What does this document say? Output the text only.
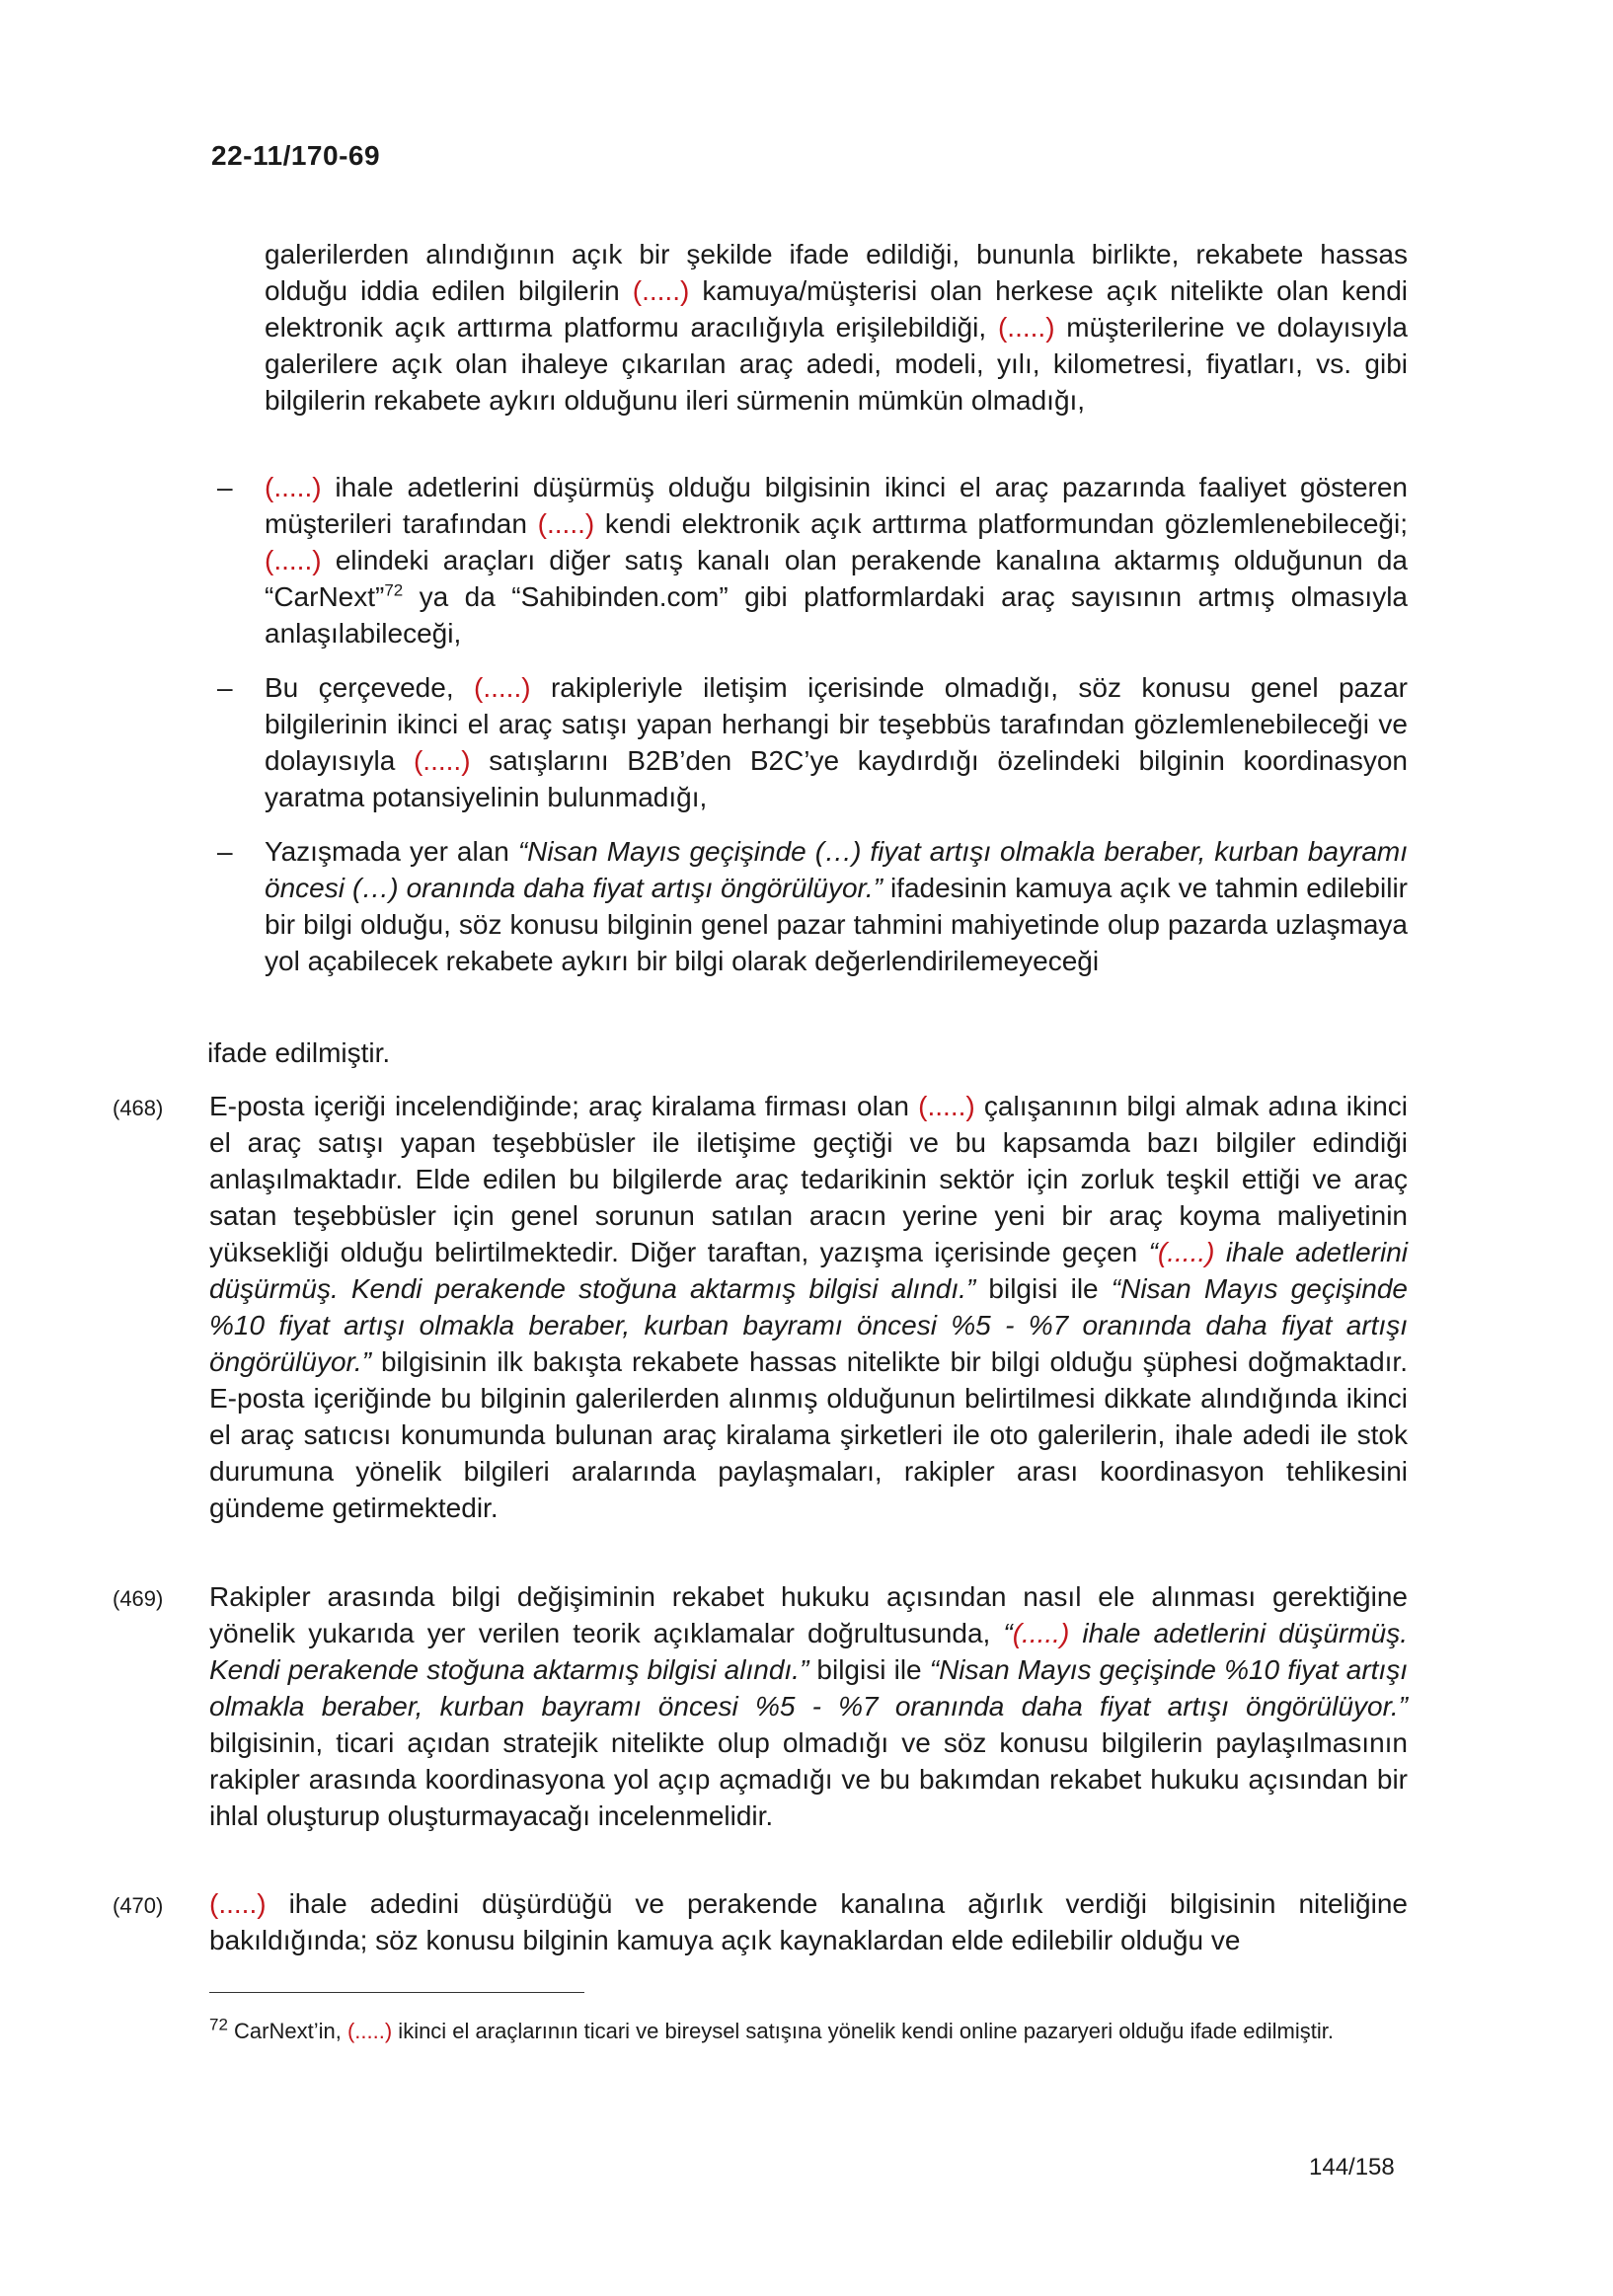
22-11/170-69
galerilerden alındığının açık bir şekilde ifade edildiği, bununla birlikte, rekabete hassas olduğu iddia edilen bilgilerin (.....) kamuya/müşterisi olan herkese açık nitelikte olan kendi elektronik açık arttırma platformu aracılığıyla erişilebildiği, (.....) müşterilerine ve dolayısıyla galerilere açık olan ihaleye çıkarılan araç adedi, modeli, yılı, kilometresi, fiyatları, vs. gibi bilgilerin rekabete aykırı olduğunu ileri sürmenin mümkün olmadığı,
– (.....) ihale adetlerini düşürmüş olduğu bilgisinin ikinci el araç pazarında faaliyet gösteren müşterileri tarafından (.....) kendi elektronik açık arttırma platformundan gözlemlenebileceği; (.....) elindeki araçları diğer satış kanalı olan perakende kanalına aktarmış olduğunun da “CarNext”$^{72}$ ya da “Sahibinden.com” gibi platformlardaki araç sayısının artmış olmasıyla anlaşılabileceği,
– Bu çerçevede, (.....) rakipleriyle iletişim içerisinde olmadığı, söz konusu genel pazar bilgilerinin ikinci el araç satışı yapan herhangi bir teşebbüs tarafından gözlemlenebileceği ve dolayısıyla (.....) satışlarını B2B’den B2C’ye kaydırdığı özelindeki bilginin koordinasyon yaratma potansiyelinin bulunmadığı,
– Yazışmada yer alan “Nisan Mayıs geçişinde (…) fiyat artışı olmakla beraber, kurban bayramı öncesi (…) oranında daha fiyat artışı öngörülüyor.” ifadesinin kamuya açık ve tahmin edilebilir bir bilgi olduğu, söz konusu bilginin genel pazar tahmini mahiyetinde olup pazarda uzlaşmaya yol açabilecek rekabete aykırı bir bilgi olarak değerlendirilemeyeceği
ifade edilmiştir.
(468) E-posta içeriği incelendiğinde; araç kiralama firması olan (.....) çalışanının bilgi almak adına ikinci el araç satışı yapan teşebbüsler ile iletişime geçtiği ve bu kapsamda bazı bilgiler edindiği anlaşılmaktadır. Elde edilen bu bilgilerde araç tedarikinin sektör için zorluk teşkil ettiği ve araç satan teşebbüsler için genel sorunun satılan aracın yerine yeni bir araç koyma maliyetinin yüksekliği olduğu belirtilmektedir. Diğer taraftan, yazışma içerisinde geçen “(.....) ihale adetlerini düşürmüş. Kendi perakende stoğuna aktarmış bilgisi alındı.” bilgisi ile “Nisan Mayıs geçişinde %10 fiyat artışı olmakla beraber, kurban bayramı öncesi %5 - %7 oranında daha fiyat artışı öngörülüyor.” bilgisinin ilk bakışta rekabete hassas nitelikte bir bilgi olduğu şüphesi doğmaktadır. E-posta içeriğinde bu bilginin galerilerden alınmış olduğunun belirtilmesi dikkate alındığında ikinci el araç satıcısı konumunda bulunan araç kiralama şirketleri ile oto galerilerin, ihale adedi ile stok durumuna yönelik bilgileri aralarında paylaşmaları, rakipler arası koordinasyon tehlikesini gündeme getirmektedir.
(469) Rakipler arasında bilgi değişiminin rekabet hukuku açısından nasıl ele alınması gerektiğine yönelik yukarıda yer verilen teorik açıklamalar doğrultusunda, “(.....) ihale adetlerini düşürmüş. Kendi perakende stoğuna aktarmış bilgisi alındı.” bilgisi ile “Nisan Mayıs geçişinde %10 fiyat artışı olmakla beraber, kurban bayramı öncesi %5 - %7 oranında daha fiyat artışı öngörülüyor.” bilgisinin, ticari açıdan stratejik nitelikte olup olmadığı ve söz konusu bilgilerin paylaşılmasının rakipler arasında koordinasyona yol açıp açmadığı ve bu bakımdan rekabet hukuku açısından bir ihlal oluşturup oluşturmayacağı incelenmelidir.
(470) (.....) ihale adedini düşürdüğü ve perakende kanalına ağırlık verdiği bilgisinin niteliğine bakıldığında; söz konusu bilginin kamuya açık kaynaklardan elde edilebilir olduğu ve
$^{72}$ CarNext’in, (.....) ikinci el araçlarının ticari ve bireysel satışına yönelik kendi online pazaryeri olduğu ifade edilmiştir.
144/158
